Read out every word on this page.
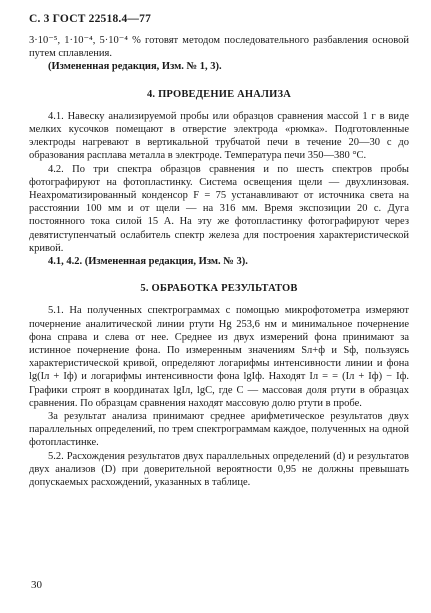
С. 3 ГОСТ 22518.4—77

3·10⁻⁵, 1·10⁻⁴, 5·10⁻⁴ % готовят методом последовательного разбавления основой путем сплавления.

(Измененная редакция, Изм. № 1, 3).

4. ПРОВЕДЕНИЕ АНАЛИЗА

4.1. Навеску анализируемой пробы или образцов сравнения массой 1 г в виде мелких кусочков помещают в отверстие электрода «рюмка». Подготовленные электроды нагревают в вертикальной трубчатой печи в течение 20—30 с до образования расплава металла в электроде. Температура печи 350—380 °С.

4.2. По три спектра образцов сравнения и по шесть спектров пробы фотографируют на фотопластинку. Система освещения щели — двухлинзовая. Неахроматизированный конденсор F = 75 устанавливают от источника света на расстоянии 100 мм и от щели — на 316 мм. Время экспозиции 20 с. Дуга постоянного тока силой 15 А. На эту же фотопластинку фотографируют через девятиступенчатый ослабитель спектр железа для построения характеристической кривой.

4.1, 4.2. (Измененная редакция, Изм. № 3).

5. ОБРАБОТКА РЕЗУЛЬТАТОВ

5.1. На полученных спектрограммах с помощью микрофотометра измеряют почернение аналитической линии ртути Hg 253,6 нм и минимальное почернение фона справа и слева от нее. Среднее из двух измерений фона принимают за истинное почернение фона. По измеренным значениям Sл+ф и Sф, пользуясь характеристической кривой, определяют логарифмы интенсивности линии и фона lg(Iл + Iф) и логарифмы интенсивности фона lgIф. Находят Iл = = (Iл + Iф) − Iф. Графики строят в координатах lgIл, lgC, где C — массовая доля ртути в образцах сравнения. По образцам сравнения находят массовую долю ртути в пробе.

За результат анализа принимают среднее арифметическое результатов двух параллельных определений, по трем спектрограммам каждое, полученных на одной фотопластинке.

5.2. Расхождения результатов двух параллельных определений (d) и результатов двух анализов (D) при доверительной вероятности 0,95 не должны превышать допускаемых расхождений, указанных в таблице.

30
